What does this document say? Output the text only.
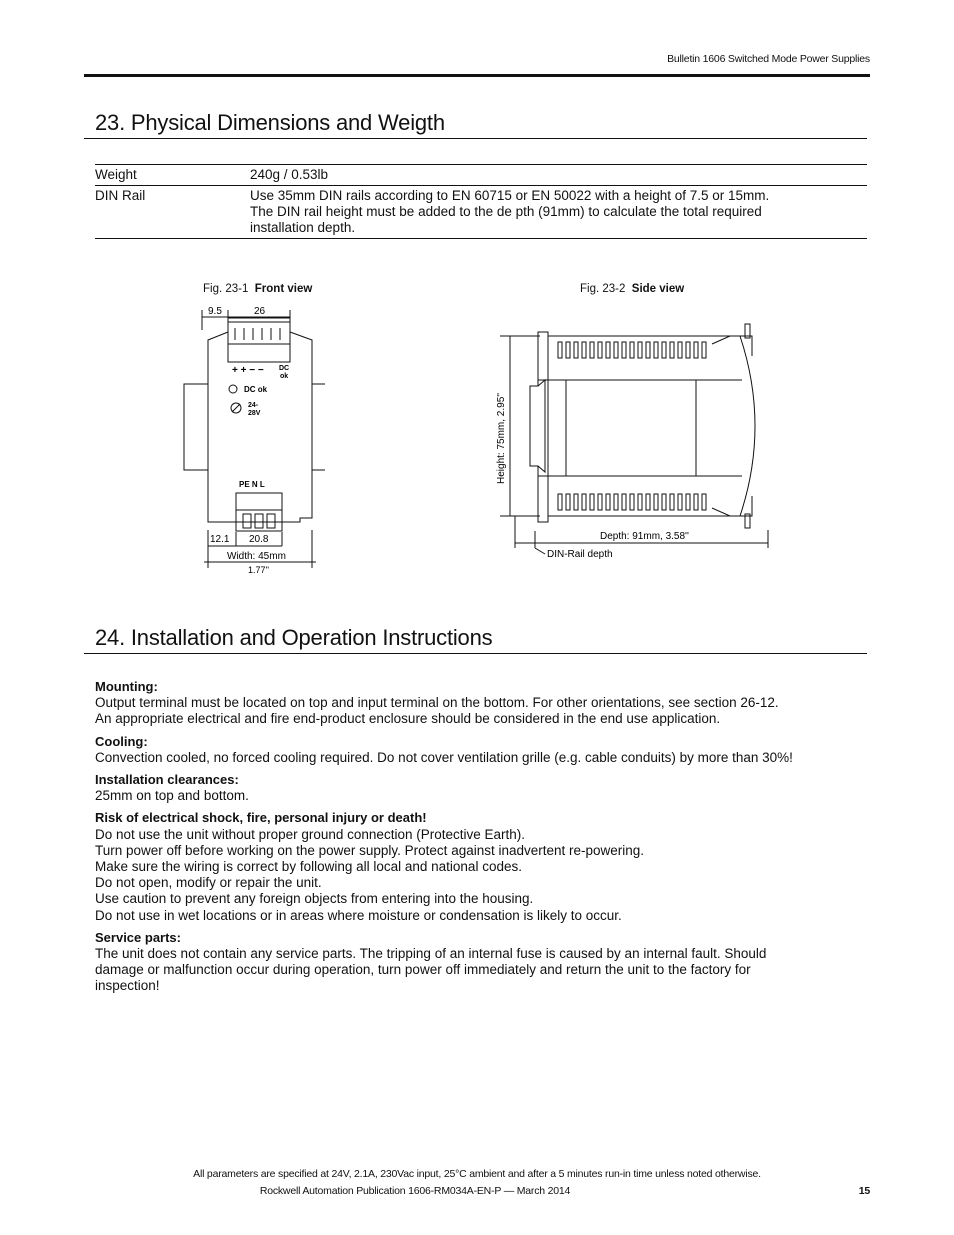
Bulletin 1606 Switched Mode Power Supplies
23. Physical Dimensions and Weigth
Weight	240g / 0.53lb

DIN Rail	Use 35mm DIN rails according to EN 60715 or EN 50022 with a height of 7.5 or 15mm.
The DIN rail height must be added to the de pth (91mm) to calculate the total required
installation depth.
Fig. 23-1 Front view	Fig. 23-2 Side view
9.5	26
+ + − − DC
ok
DC ok
24-
28V
PE N L
12.1 20.8
Width: 45mm
1.77''
Height: 75mm, 2.95''
Depth: 91mm, 3.58''
DIN-Rail depth
24. Installation and Operation Instructions
Mounting:
Output terminal must be located on top and input terminal on the bottom. For other orientations, see section 26-12.
An appropriate electrical and fire end-product enclosure should be considered in the end use application.
Cooling:
Convection cooled, no forced cooling required. Do not cover ventilation grille (e.g. cable conduits) by more than 30%!
Installation clearances:
25mm on top and bottom.
Risk of electrical shock, fire, personal injury or death!
Do not use the unit without proper ground connection (Protective Earth).
Turn power off before working on the power supply. Protect against inadvertent re-powering.
Make sure the wiring is correct by following all local and national codes.
Do not open, modify or repair the unit.
Use caution to prevent any foreign objects from entering into the housing.
Do not use in wet locations or in areas where moisture or condensation is likely to occur.
Service parts:
The unit does not contain any service parts. The tripping of an internal fuse is caused by an internal fault. Should
damage or malfunction occur during operation, turn power off immediately and return the unit to the factory for
inspection!
All parameters are specified at 24V, 2.1A, 230Vac input, 25°C ambient and after a 5 minutes run-in time unless noted otherwise.
Rockwell Automation Publication 1606-RM034A-EN-P — March 2014	15
